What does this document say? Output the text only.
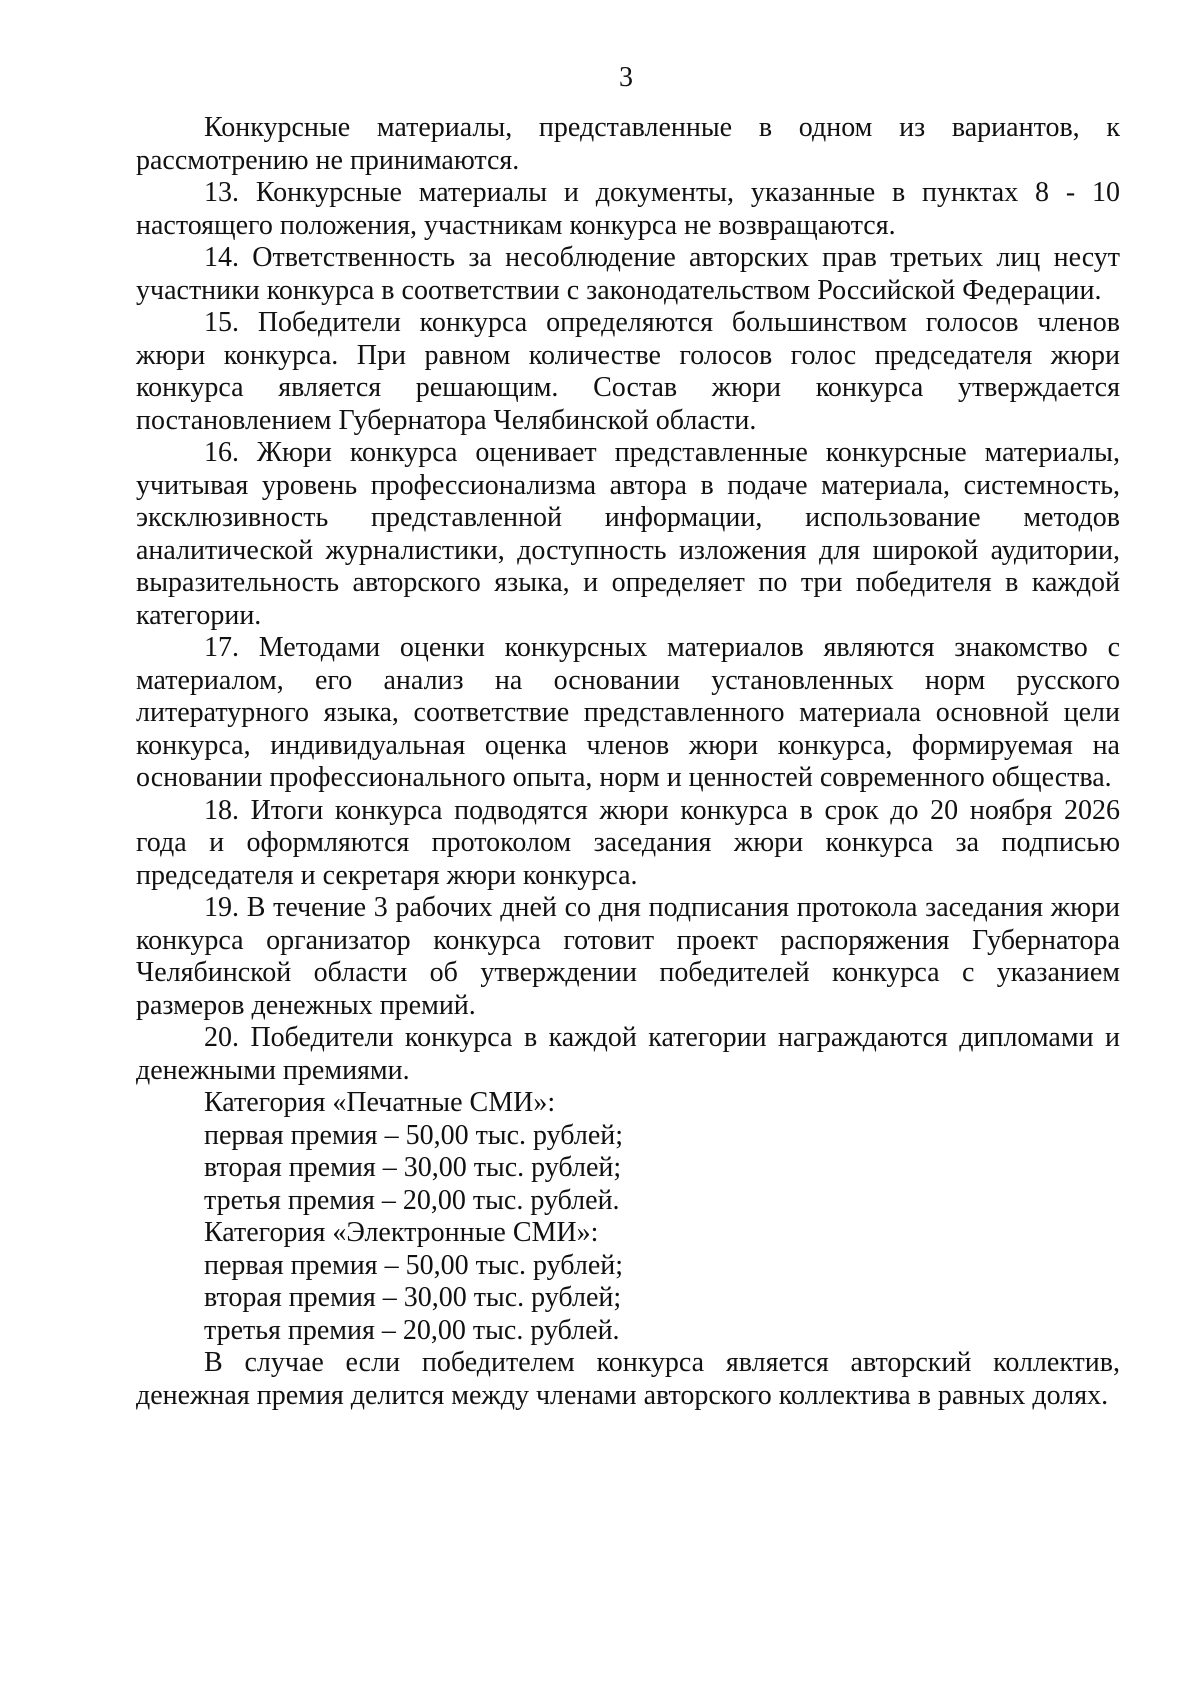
3

Конкурсные материалы, представленные в одном из вариантов, к рассмотрению не принимаются.

13. Конкурсные материалы и документы, указанные в пунктах 8 - 10 настоящего положения, участникам конкурса не возвращаются.

14. Ответственность за несоблюдение авторских прав третьих лиц несут участники конкурса в соответствии с законодательством Российской Федерации.

15. Победители конкурса определяются большинством голосов членов жюри конкурса. При равном количестве голосов голос председателя жюри конкурса является решающим. Состав жюри конкурса утверждается постановлением Губернатора Челябинской области.

16. Жюри конкурса оценивает представленные конкурсные материалы, учитывая уровень профессионализма автора в подаче материала, системность, эксклюзивность представленной информации, использование методов аналитической журналистики, доступность изложения для широкой аудитории, выразительность авторского языка, и определяет по три победителя в каждой категории.

17. Методами оценки конкурсных материалов являются знакомство с материалом, его анализ на основании установленных норм русского литературного языка, соответствие представленного материала основной цели конкурса, индивидуальная оценка членов жюри конкурса, формируемая на основании профессионального опыта, норм и ценностей современного общества.

18. Итоги конкурса подводятся жюри конкурса в срок до 20 ноября 2026 года и оформляются протоколом заседания жюри конкурса за подписью председателя и секретаря жюри конкурса.

19. В течение 3 рабочих дней со дня подписания протокола заседания жюри конкурса организатор конкурса готовит проект распоряжения Губернатора Челябинской области об утверждении победителей конкурса с указанием размеров денежных премий.

20. Победители конкурса в каждой категории награждаются дипломами и денежными премиями.

Категория «Печатные СМИ»:
первая премия – 50,00 тыс. рублей;
вторая премия – 30,00 тыс. рублей;
третья премия – 20,00 тыс. рублей.
Категория «Электронные СМИ»:
первая премия – 50,00 тыс. рублей;
вторая премия – 30,00 тыс. рублей;
третья премия – 20,00 тыс. рублей.

В случае если победителем конкурса является авторский коллектив, денежная премия делится между членами авторского коллектива в равных долях.
